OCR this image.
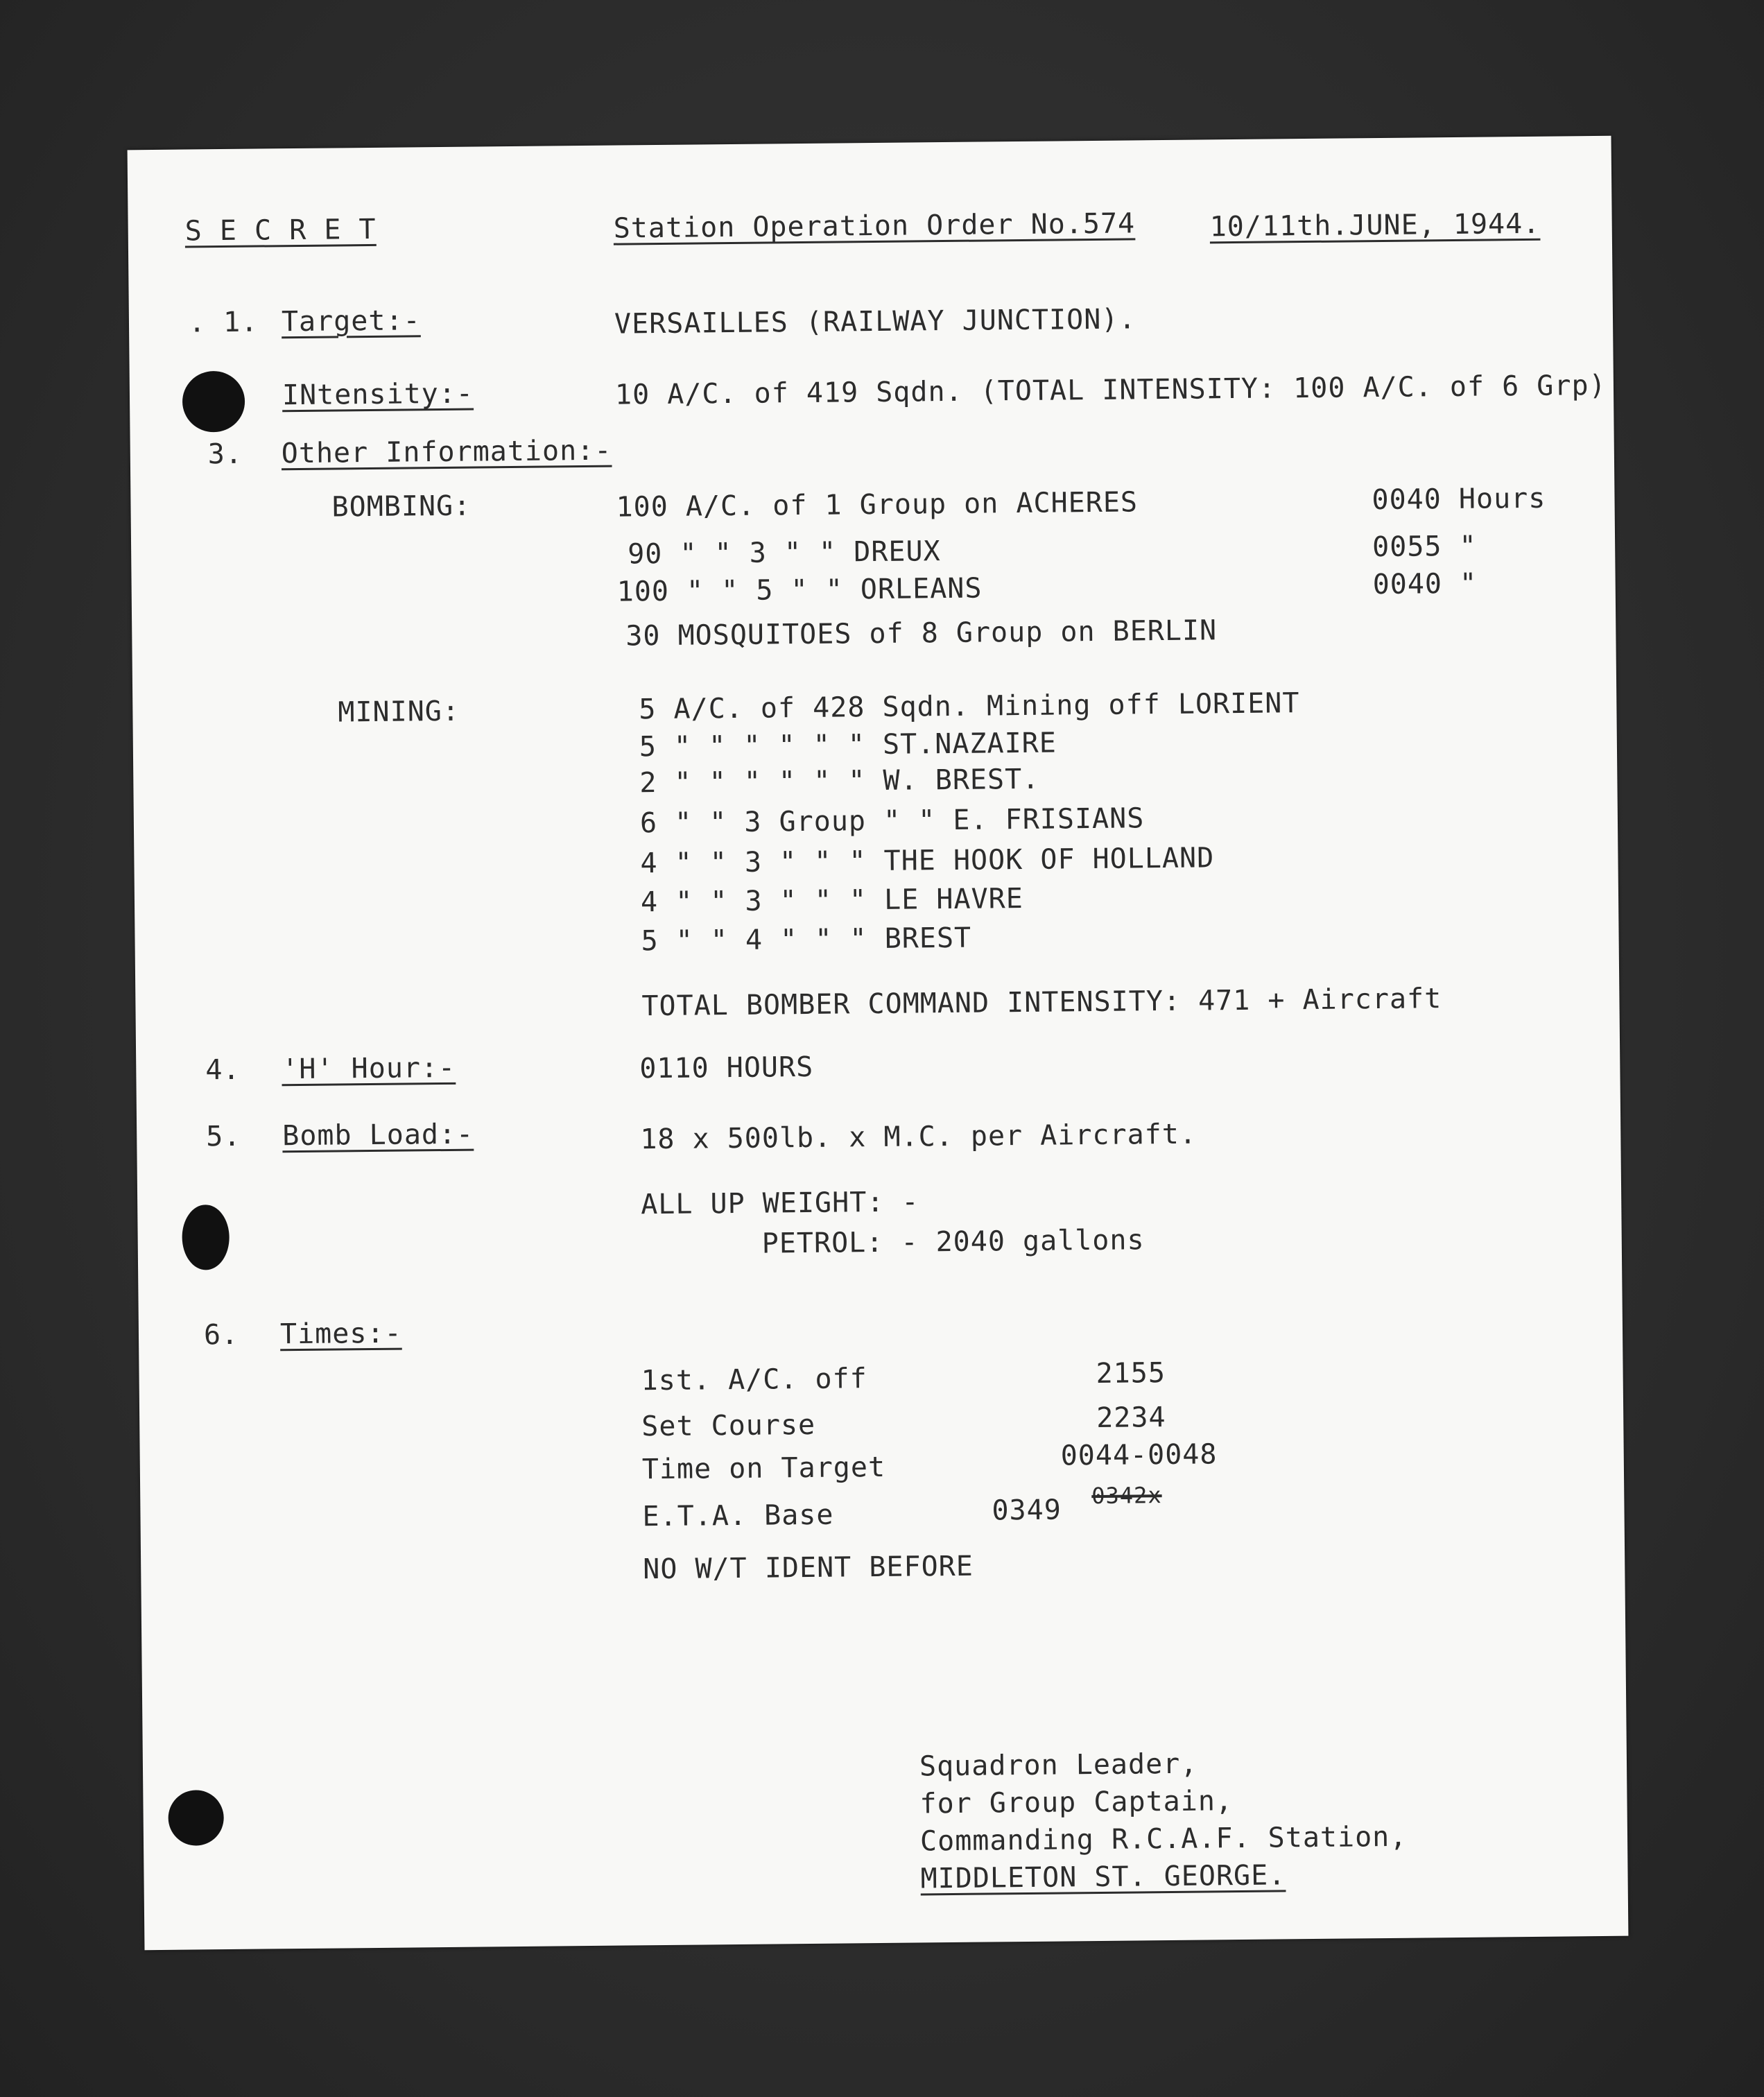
S E C R E T	Station Operation Order No.574	10/11th.JUNE, 1944.
. 1. Target:-	VERSAILLES (RAILWAY JUNCTION).
INtensity:-	10 A/C. of 419 Sqdn. (TOTAL INTENSITY: 100 A/C. of 6 Grp)
3. Other Information:-
BOMBING:	100 A/C. of 1 Group on ACHERES	0040 Hours
90 " " 3 " " DREUX	0055 "
100 " " 5 " " ORLEANS	0040 "
30 MOSQUITOES of 8 Group on BERLIN
MINING:	5 A/C. of 428 Sqdn. Mining off LORIENT
5 " " " " " " ST.NAZAIRE
2 " " " " " " W. BREST.
6 " " 3 Group " " E. FRISIANS
4 " " 3 " " " THE HOOK OF HOLLAND
4 " " 3 " " " LE HAVRE
5 " " 4 " " " BREST
TOTAL BOMBER COMMAND INTENSITY: 471 + Aircraft
4. 'H' Hour:-	0110 HOURS
5. Bomb Load:-	18 x 500lb. x M.C. per Aircraft.
ALL UP WEIGHT: -
PETROL: - 2040 gallons
6. Times:-
1st. A/C. off	2155
Set Course	2234
Time on Target	0044-0048
E.T.A. Base	0349 0342x
NO W/T IDENT BEFORE
Squadron Leader,
for Group Captain,
Commanding R.C.A.F. Station,
MIDDLETON ST. GEORGE.
